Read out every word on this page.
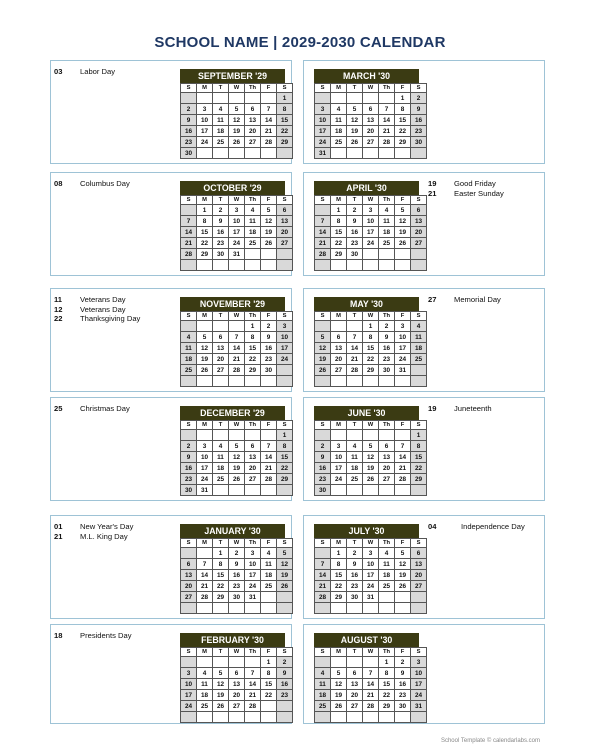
SCHOOL NAME | 2029-2030 CALENDAR
SEPTEMBER '29
S	M	T	W	Th	F	S
						1
2	3	4	5	6	7	8
9	10	11	12	13	14	15
16	17	18	19	20	21	22
23	24	25	26	27	28	29
30						
03	Labor Day	MARCH '30
S	M	T	W	Th	F	S
					1	2
3	4	5	6	7	8	9
10	11	12	13	14	15	16
17	18	19	20	21	22	23
24	25	26	27	28	29	30
31						
OCTOBER '29
S	M	T	W	Th	F	S
	1	2	3	4	5	6
7	8	9	10	11	12	13
14	15	16	17	18	19	20
21	22	23	24	25	26	27
28	29	30	31			

08	Columbus Day	APRIL '30
S	M	T	W	Th	F	S
	1	2	3	4	5	6
7	8	9	10	11	12	13
14	15	16	17	18	19	20
21	22	23	24	25	26	27
28	29	30				

19	Good Friday
21	Easter Sunday
NOVEMBER '29
S	M	T	W	Th	F	S
				1	2	3
4	5	6	7	8	9	10
11	12	13	14	15	16	17
18	19	20	21	22	23	24
25	26	27	28	29	30	

11	Veterans Day
12	Veterans Day
22	Thanksgiving Day
MAY '30
S	M	T	W	Th	F	S
			1	2	3	4
5	6	7	8	9	10	11
12	13	14	15	16	17	18
19	20	21	22	23	24	25
26	27	28	29	30	31	

27	Memorial Day
DECEMBER '29
S	M	T	W	Th	F	S
						1
2	3	4	5	6	7	8
9	10	11	12	13	14	15
16	17	18	19	20	21	22
23	24	25	26	27	28	29
30	31					
25	Christmas Day	JUNE '30
S	M	T	W	Th	F	S
						1
2	3	4	5	6	7	8
9	10	11	12	13	14	15
16	17	18	19	20	21	22
23	24	25	26	27	28	29
30						
19	Juneteenth
JANUARY '30
S	M	T	W	Th	F	S
		1	2	3	4	5
6	7	8	9	10	11	12
13	14	15	16	17	18	19
20	21	22	23	24	25	26
27	28	29	30	31		

01	New Year's Day
21	M.L. King Day
JULY '30
S	M	T	W	Th	F	S
	1	2	3	4	5	6
7	8	9	10	11	12	13
14	15	16	17	18	19	20
21	22	23	24	25	26	27
28	29	30	31			

04	Independence Day
FEBRUARY '30
S	M	T	W	Th	F	S
					1	2
3	4	5	6	7	8	9
10	11	12	13	14	15	16
17	18	19	20	21	22	23
24	25	26	27	28		

18	Presidents Day	AUGUST '30
S	M	T	W	Th	F	S
				1	2	3
4	5	6	7	8	9	10
11	12	13	14	15	16	17
18	19	20	21	22	23	24
25	26	27	28	29	30	31

School Template © calendarlabs.com
